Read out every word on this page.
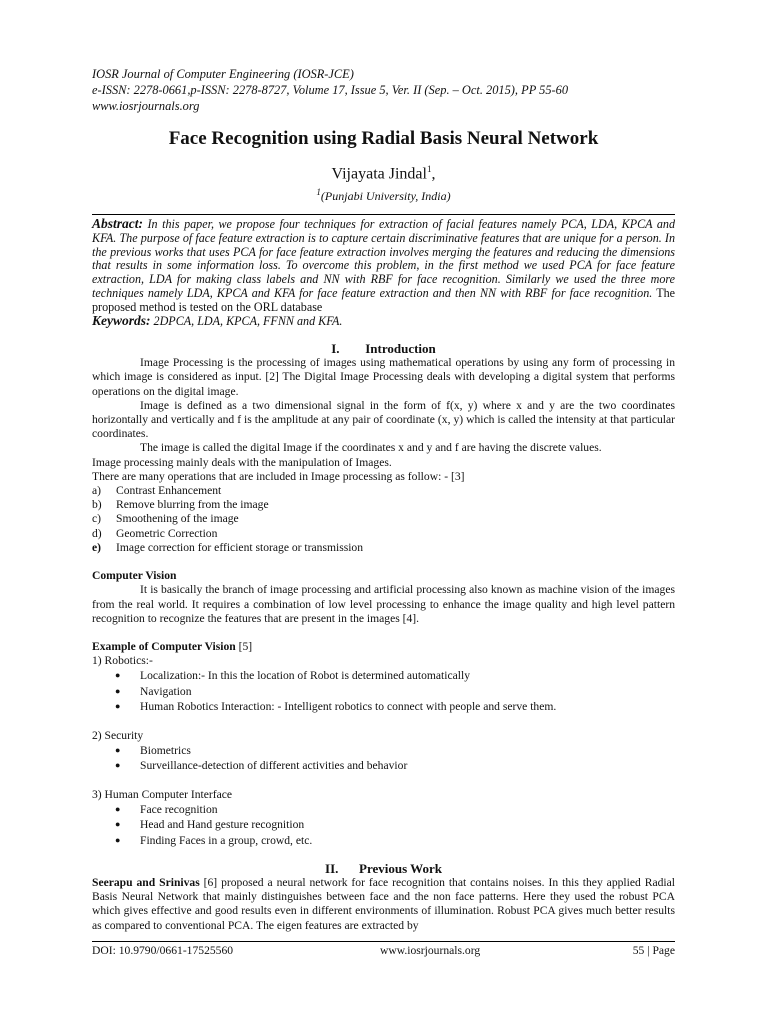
IOSR Journal of Computer Engineering (IOSR-JCE)
e-ISSN: 2278-0661,p-ISSN: 2278-8727, Volume 17, Issue 5, Ver. II (Sep. – Oct. 2015), PP 55-60
www.iosrjournals.org
Face Recognition using Radial Basis Neural Network
Vijayata Jindal$^1$,
$^1$(Punjabi University, India)

Abstract: In this paper, we propose four techniques for extraction of facial features namely PCA, LDA, KPCA and KFA. The purpose of face feature extraction is to capture certain discriminative features that are unique for a person. In the previous works that uses PCA for face feature extraction involves merging the features and reducing the dimensions that results in some information loss. To overcome this problem, in the first method we used PCA for face feature extraction, LDA for making class labels and NN with RBF for face recognition. Similarly we used the three more techniques namely LDA, KPCA and KFA for face feature extraction and then NN with RBF for face recognition. The proposed method is tested on the ORL database

Keywords: 2DPCA, LDA, KPCA, FFNN and KFA.

I. Introduction

Image Processing is the processing of images using mathematical operations by using any form of processing in which image is considered as input. [2] The Digital Image Processing deals with developing a digital system that performs operations on the digital image.

Image is defined as a two dimensional signal in the form of f(x, y) where x and y are the two coordinates horizontally and vertically and f is the amplitude at any pair of coordinate (x, y) which is called the intensity at that particular coordinates.

The image is called the digital Image if the coordinates x and y and f are having the discrete values.

Image processing mainly deals with the manipulation of Images.

There are many operations that are included in Image processing as follow: - [3]

a)	Contrast Enhancement
b)	Remove blurring from the image
c)	Smoothening of the image
d)	Geometric Correction
e)	Image correction for efficient storage or transmission
Computer Vision

It is basically the branch of image processing and artificial processing also known as machine vision of the images from the real world. It requires a combination of low level processing to enhance the image quality and high level pattern recognition to recognize the features that are present in the images [4].

Example of Computer Vision [5]
1) Robotics:-
●	Localization:- In this the location of Robot is determined automatically
●	Navigation
●	Human Robotics Interaction: - Intelligent robotics to connect with people and serve them.
2) Security
●	Biometrics
●	Surveillance-detection of different activities and behavior
3) Human Computer Interface
●	Face recognition
●	Head and Hand gesture recognition
●	Finding Faces in a group, crowd, etc.
II. Previous Work

Seerapu and Srinivas [6] proposed a neural network for face recognition that contains noises. In this they applied Radial Basis Neural Network that mainly distinguishes between face and the non face patterns. Here they used the robust PCA which gives effective and good results even in different environments of illumination. Robust PCA gives much better results as compared to conventional PCA. The eigen features are extracted by

DOI: 10.9790/0661-17525560	www.iosrjournals.org	55 | Page
